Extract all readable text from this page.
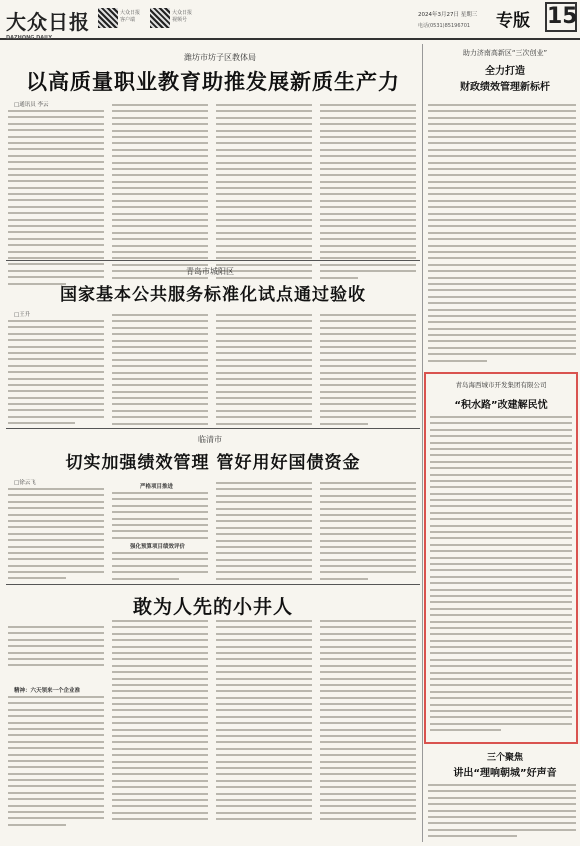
大众日报
DAZHONG DAILY
大众日报 客户端
大众日报 视频号
2024年3月27日 星期三
电话(0531)85196701 专版 15
潍坊市坊子区教体局
以高质量职业教育助推发展新质生产力
□通讯员 李云
青岛市城阳区
国家基本公共服务标准化试点通过验收
□王升
临清市
切实加强绩效管理 管好用好国债资金
□徐云飞
严格项目推进
强化预算项目绩效评价
敢为人先的小井人
精神：六天领来一个企业准
助力济南高新区“三次创业”
全力打造
财政绩效管理新标杆
青岛海西城市开发集团有限公司
“积水路”改建解民忧
三个聚焦
讲出“理响朝城”好声音
